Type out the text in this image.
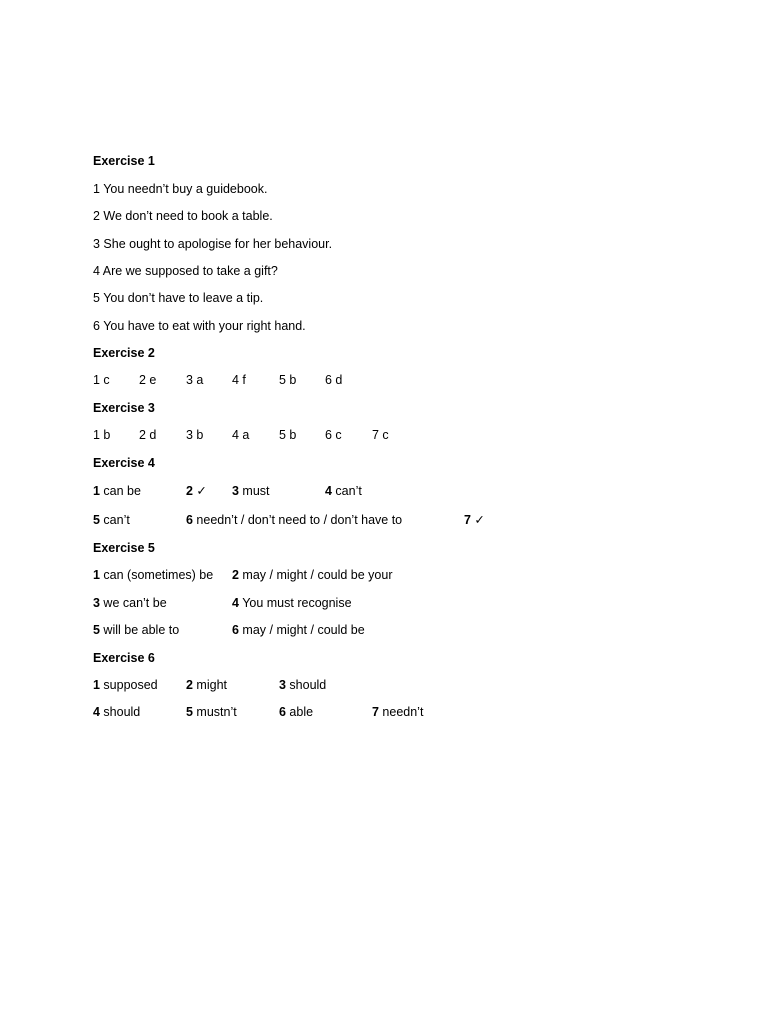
Exercise 1
1 You needn’t buy a guidebook.
2 We don’t need to book a table.
3 She ought to apologise for her behaviour.
4 Are we supposed to take a gift?
5 You don’t have to leave a tip.
6 You have to eat with your right hand.
Exercise 2
1 c 2 e 3 a 4 f	5 b 6 d
Exercise 3
1 b 2 d 3 b 4 a 5 b 6 c 7 c
Exercise 4
1 can be	2 ✓ 3 must	4 can’t
5 can’t	6 needn’t / don’t need to / don’t have to	7 ✓
Exercise 5
1 can (sometimes) be 2 may / might / could be your
3 we can’t be	4 You must recognise
5 will be able to	6 may / might / could be
Exercise 6
1 supposed 2 might	3 should
4 should	5 mustn’t	6 able	7 needn’t
